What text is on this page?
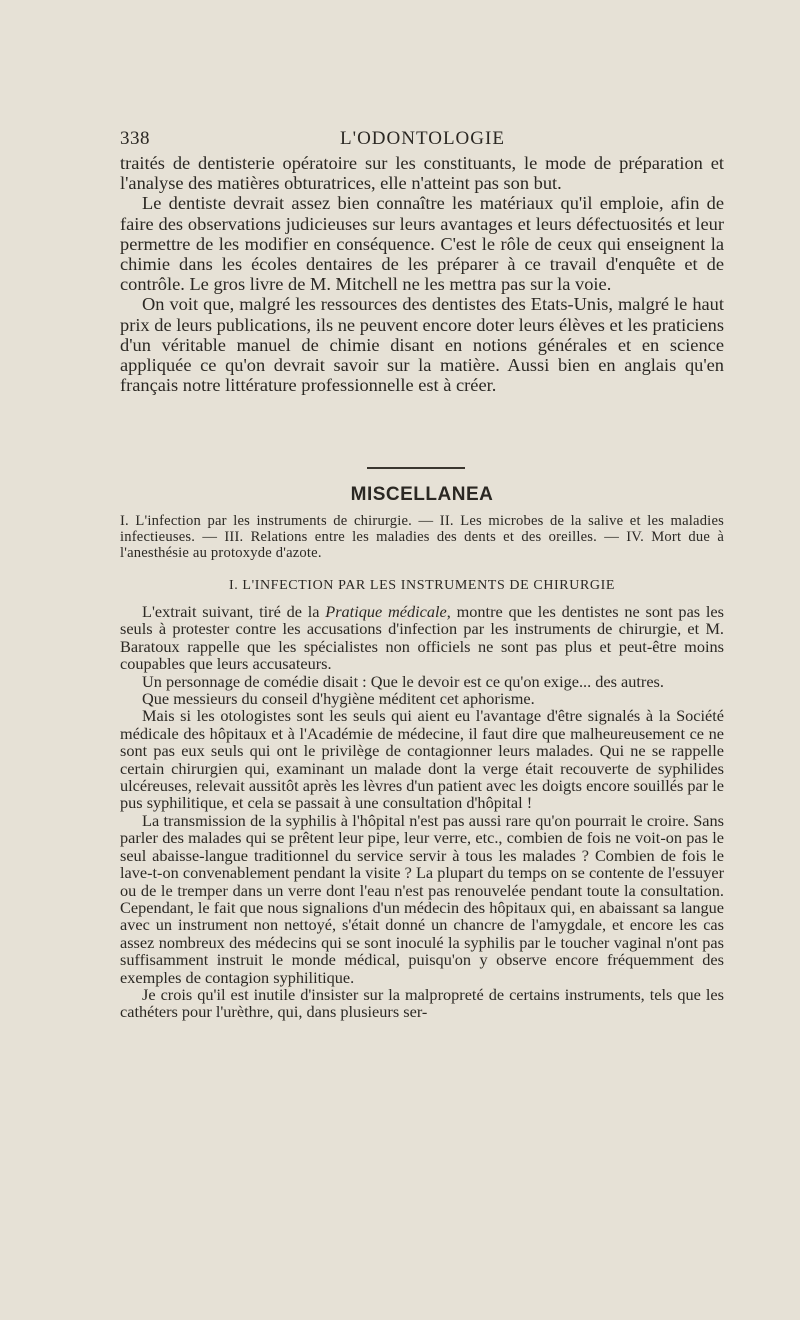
338	L'ODONTOLOGIE

traités de dentisterie opératoire sur les constituants, le mode de préparation et l'analyse des matières obturatrices, elle n'atteint pas son but.

Le dentiste devrait assez bien connaître les matériaux qu'il emploie, afin de faire des observations judicieuses sur leurs avantages et leurs défectuosités et leur permettre de les modifier en conséquence. C'est le rôle de ceux qui enseignent la chimie dans les écoles dentaires de les préparer à ce travail d'enquête et de contrôle. Le gros livre de M. Mitchell ne les mettra pas sur la voie.

On voit que, malgré les ressources des dentistes des Etats-Unis, malgré le haut prix de leurs publications, ils ne peuvent encore doter leurs élèves et les praticiens d'un véritable manuel de chimie disant en notions générales et en science appliquée ce qu'on devrait savoir sur la matière. Aussi bien en anglais qu'en français notre littérature professionnelle est à créer.

MISCELLANEA
I. L'infection par les instruments de chirurgie. — II. Les microbes de la salive et les maladies infectieuses. — III. Relations entre les maladies des dents et des oreilles. — IV. Mort due à l'anesthésie au protoxyde d'azote.
I. L'INFECTION PAR LES INSTRUMENTS DE CHIRURGIE

L'extrait suivant, tiré de la Pratique médicale, montre que les dentistes ne sont pas les seuls à protester contre les accusations d'infection par les instruments de chirurgie, et M. Baratoux rappelle que les spécialistes non officiels ne sont pas plus et peut-être moins coupables que leurs accusateurs.

Un personnage de comédie disait : Que le devoir est ce qu'on exige... des autres.

Que messieurs du conseil d'hygiène méditent cet aphorisme.

Mais si les otologistes sont les seuls qui aient eu l'avantage d'être signalés à la Société médicale des hôpitaux et à l'Académie de médecine, il faut dire que malheureusement ce ne sont pas eux seuls qui ont le privilège de contagionner leurs malades. Qui ne se rappelle certain chirurgien qui, examinant un malade dont la verge était recouverte de syphilides ulcéreuses, relevait aussitôt après les lèvres d'un patient avec les doigts encore souillés par le pus syphilitique, et cela se passait à une consultation d'hôpital !

La transmission de la syphilis à l'hôpital n'est pas aussi rare qu'on pourrait le croire. Sans parler des malades qui se prêtent leur pipe, leur verre, etc., combien de fois ne voit-on pas le seul abaisse-langue traditionnel du service servir à tous les malades ? Combien de fois le lave-t-on convenablement pendant la visite ? La plupart du temps on se contente de l'essuyer ou de le tremper dans un verre dont l'eau n'est pas renouvelée pendant toute la consultation. Cependant, le fait que nous signalions d'un médecin des hôpitaux qui, en abaissant sa langue avec un instrument non nettoyé, s'était donné un chancre de l'amygdale, et encore les cas assez nombreux des médecins qui se sont inoculé la syphilis par le toucher vaginal n'ont pas suffisamment instruit le monde médical, puisqu'on y observe encore fréquemment des exemples de contagion syphilitique.

Je crois qu'il est inutile d'insister sur la malpropreté de certains instruments, tels que les cathéters pour l'urèthre, qui, dans plusieurs ser-
